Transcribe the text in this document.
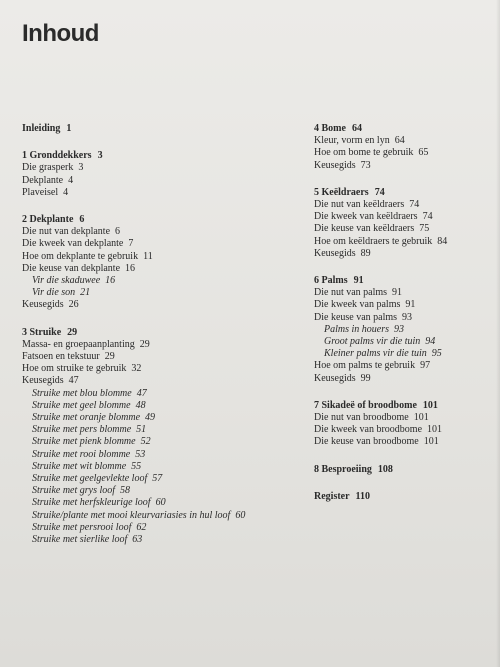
Inhoud
Inleiding 1
1 Gronddekkers 3
Die grasperk 3
Dekplante 4
Plaveisel 4
2 Dekplante 6
Die nut van dekplante 6
Die kweek van dekplante 7
Hoe om dekplante te gebruik 11
Die keuse van dekplante 16
Vir die skaduwee 16
Vir die son 21
Keusegids 26
3 Struike 29
Massa- en groepaanplanting 29
Fatsoen en tekstuur 29
Hoe om struike te gebruik 32
Keusegids 47
Struike met blou blomme 47
Struike met geel blomme 48
Struike met oranje blomme 49
Struike met pers blomme 51
Struike met pienk blomme 52
Struike met rooi blomme 53
Struike met wit blomme 55
Struike met geelgevlekte loof 57
Struike met grys loof 58
Struike met herfskleurige loof 60
Struike/plante met mooi kleurvariasies in hul loof 60
Struike met persrooi loof 62
Struike met sierlike loof 63
4 Bome 64
Kleur, vorm en lyn 64
Hoe om bome te gebruik 65
Keusegids 73
5 Keëldraers 74
Die nut van keëldraers 74
Die kweek van keëldraers 74
Die keuse van keëldraers 75
Hoe om keëldraers te gebruik 84
Keusegids 89
6 Palms 91
Die nut van palms 91
Die kweek van palms 91
Die keuse van palms 93
Palms in houers 93
Groot palms vir die tuin 94
Kleiner palms vir die tuin 95
Hoe om palms te gebruik 97
Keusegids 99
7 Sikadeë of broodbome 101
Die nut van broodbome 101
Die kweek van broodbome 101
Die keuse van broodbome 101
8 Besproeiing 108
Register 110
